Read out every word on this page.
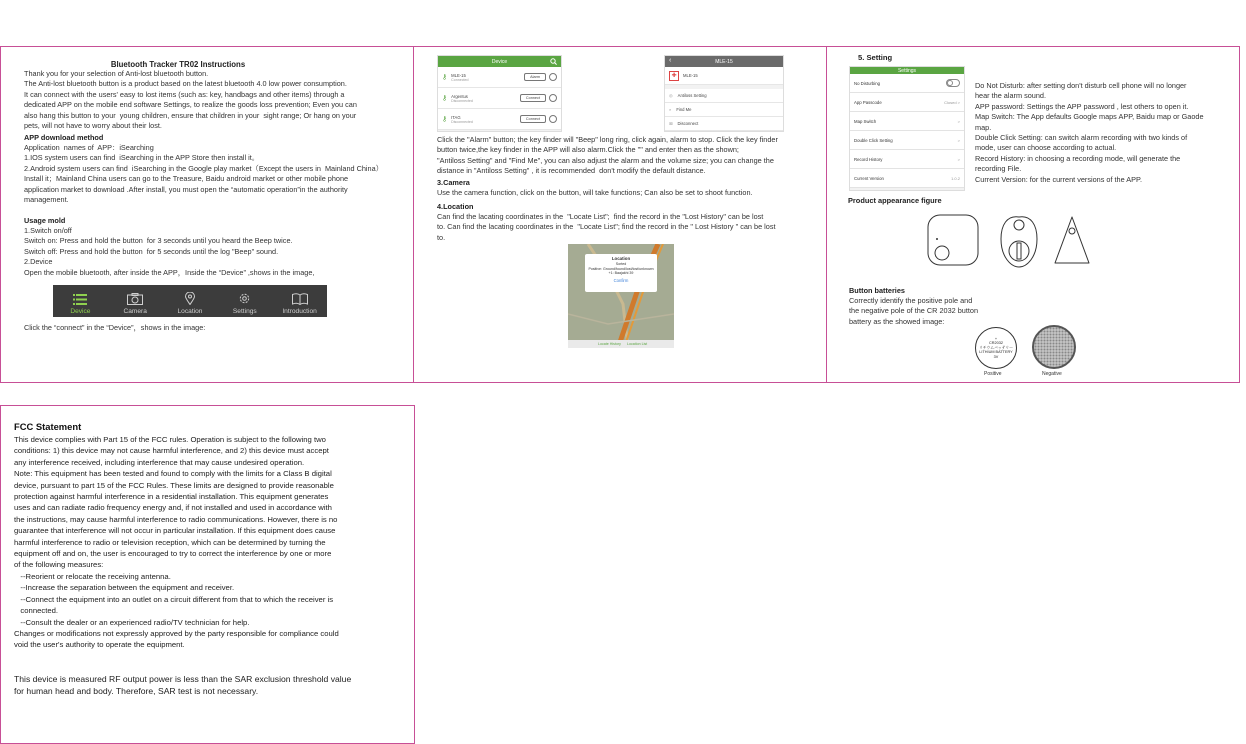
Bluetooth Tracker TR02 Instructions
Thank you for your selection of Anti-lost bluetooth button.
The Anti-lost bluetooth button is a product based on the latest bluetooth 4.0 low power consumption.
It can connect with the users' easy to lost items (such as: key, handbags and other items) through a
dedicated APP on the mobile end software Settings, to realize the goods loss prevention; Even you can
also hang this button to your  young children, ensure that children in your  sight range; Or hang on your
pets, will not have to worry about their lost.
APP download method
Application  names of  APP：iSearching
1.IOS system users can find  iSearching in the APP Store then install it。
2.Android system users can find  iSearching in the Google play market（Except the users in  Mainland China）
Install it；Mainland China users can go to the Treasure, Baidu android market or other mobile phone
application market to download .After install, you must open the “automatic operation”in the authority
management.
Usage mold
1.Switch on/off
Switch on: Press and hold the button  for 3 seconds until you heard the Beep twice.
Switch off: Press and hold the button  for 5 seconds until the log "Beep" sound.
2.Device
Open the mobile bluetooth, after inside the APP，Inside the “Device” ,shows in the image,
Device	Camera	Location	Settings	Introduction
Click the “connect” in the “Device”，shows in the image:
Device
⚷ MLE-15
Connected
Alarm
⚷ Argentus
Disconnected
Connect
⚷ ITAG
Disconnected
Connect
‹	MLE-15
✚	MLE-15
◎ Antiloss Setting
⌕ Find Me
⊠ Disconnect
Click the "Alarm" button; the key finder will "Beep" long ring, click again, alarm to stop. Click the key finder
button twice,the key finder in the APP will also alarm.Click the "" and enter then as the shown;
"Antiloss Setting" and "Find Me", you can also adjust the alarm and the volume size; you can change the
distance in "Antiloss Setting" , it is recommended  don't modify the default distance.
3.Camera
Use the camera function, click on the button, will take functions; Can also be set to shoot function.
4.Location
Can find the lacating coordinates in the  "Locate List";  find the record in the "Lost History" can be lost
to. Can find the lacating coordinates in the  "Locate List"; find the record in the " Lost History " can be lost
to.
Location
Sorted
Positive: Ground/found/lost/lost/unknown
+1: Baajakhi 39
Confirm
Locate History Location List
5. Setting
Settings
No Disturbing
App Passcode	Closed >
Map Switch	>
Double Click Setting	>
Record History	>
Current Version	1.0.2
Do Not Disturb: after setting don't disturb cell phone will no longer
hear the alarm sound.
APP password: Settings the APP password , lest others to open it.
Map Switch: The App defaults Google maps APP, Baidu map or Gaode
map.
Double Click Setting: can switch alarm recording with two kinds of
mode, user can choose according to actual.
Record History: in choosing a recording mode, will generate the
recording File.
Current Version: for the current versions of the APP.
Product appearance figure
Button batteries
Correctly identify the positive pole and
the negative pole of the CR 2032 button
battery as the showed image:
+
CR2032
リチウムバッテリー
LITHIUM BATTERY
3V
Positive	Negative
FCC Statement
This device complies with Part 15 of the FCC rules. Operation is subject to the following two
conditions: 1) this device may not cause harmful interference, and 2) this device must accept
any interference received, including interference that may cause undesired operation.
Note: This equipment has been tested and found to comply with the limits for a Class B digital
device, pursuant to part 15 of the FCC Rules. These limits are designed to provide reasonable
protection against harmful interference in a residential installation. This equipment generates
uses and can radiate radio frequency energy and, if not installed and used in accordance with
the instructions, may cause harmful interference to radio communications. However, there is no
guarantee that interference will not occur in particular installation. If this equipment does cause
harmful interference to radio or television reception, which can be determined by turning the
equipment off and on, the user is encouraged to try to correct the interference by one or more
of the following measures:
--Reorient or relocate the receiving antenna.
--Increase the separation between the equipment and receiver.
--Connect the equipment into an outlet on a circuit different from that to which the receiver is
connected.
--Consult the dealer or an experienced radio/TV technician for help.
Changes or modifications not expressly approved by the party responsible for compliance could
void the user's authority to operate the equipment.
This device is measured RF output power is less than the SAR exclusion threshold value
for human head and body. Therefore, SAR test is not necessary.
